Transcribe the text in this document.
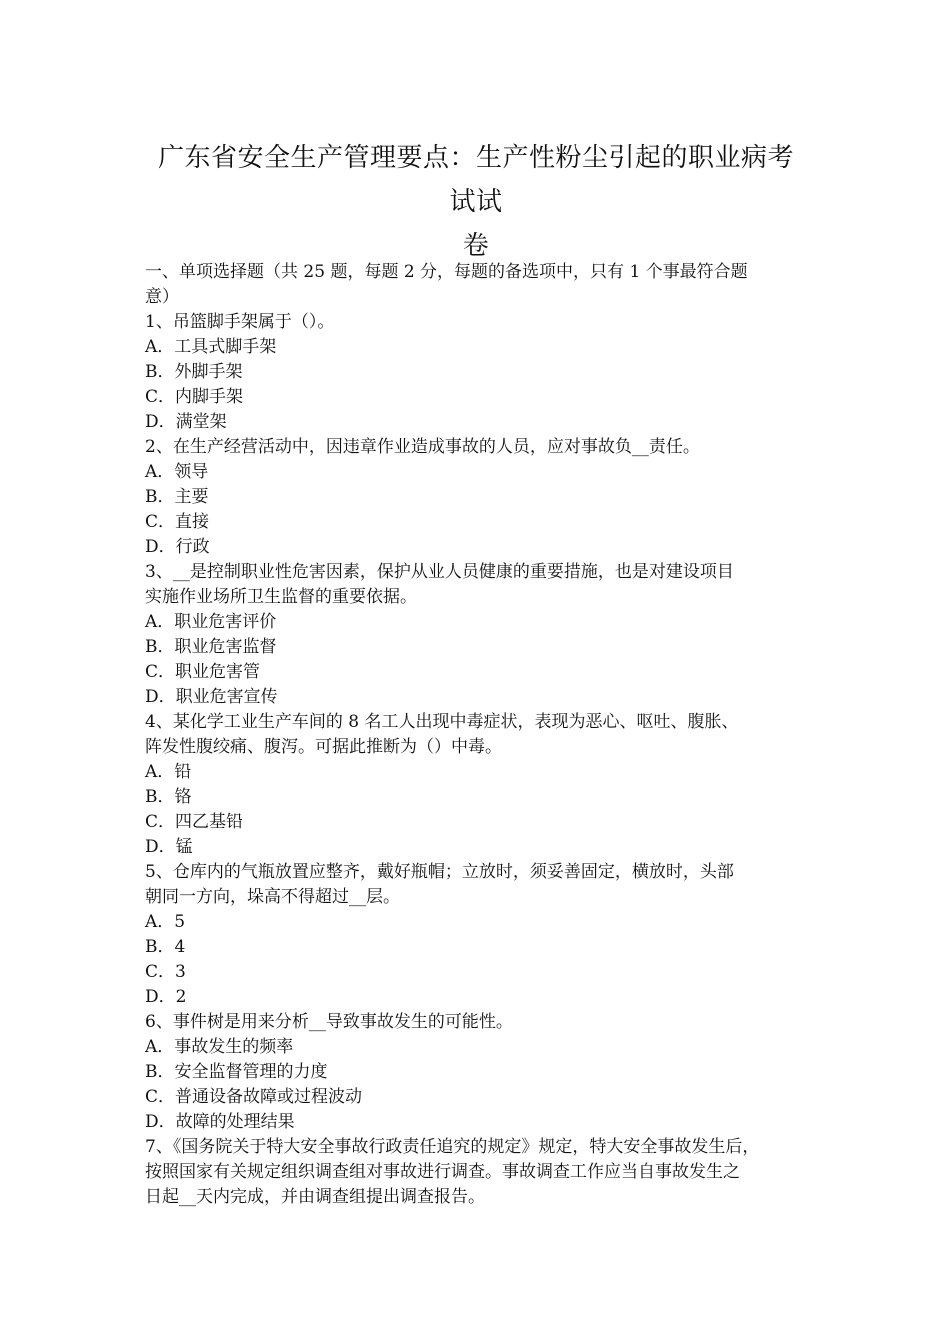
广东省安全生产管理要点：生产性粉尘引起的职业病考试试
卷
一、单项选择题（共 25 题，每题 2 分，每题的备选项中，只有 1 个事最符合题
意）
1、吊篮脚手架属于（）。
A．工具式脚手架
B．外脚手架
C．内脚手架
D．满堂架
2、在生产经营活动中，因违章作业造成事故的人员，应对事故负__责任。
A．领导
B．主要
C．直接
D．行政
3、__是控制职业性危害因素，保护从业人员健康的重要措施，也是对建设项目
实施作业场所卫生监督的重要依据。
A．职业危害评价
B．职业危害监督
C．职业危害管
D．职业危害宣传
4、某化学工业生产车间的 8 名工人出现中毒症状，表现为恶心、呕吐、腹胀、
阵发性腹绞痛、腹泻。可据此推断为（）中毒。
A．铅
B．铬
C．四乙基铅
D．锰
5、仓库内的气瓶放置应整齐，戴好瓶帽；立放时，须妥善固定，横放时，头部
朝同一方向，垛高不得超过__层。
A．5
B．4
C．3
D．2
6、事件树是用来分析__导致事故发生的可能性。
A．事故发生的频率
B．安全监督管理的力度
C．普通设备故障或过程波动
D．故障的处理结果
7、《国务院关于特大安全事故行政责任追究的规定》规定，特大安全事故发生后，
按照国家有关规定组织调查组对事故进行调查。事故调查工作应当自事故发生之
日起__天内完成，并由调查组提出调查报告。
